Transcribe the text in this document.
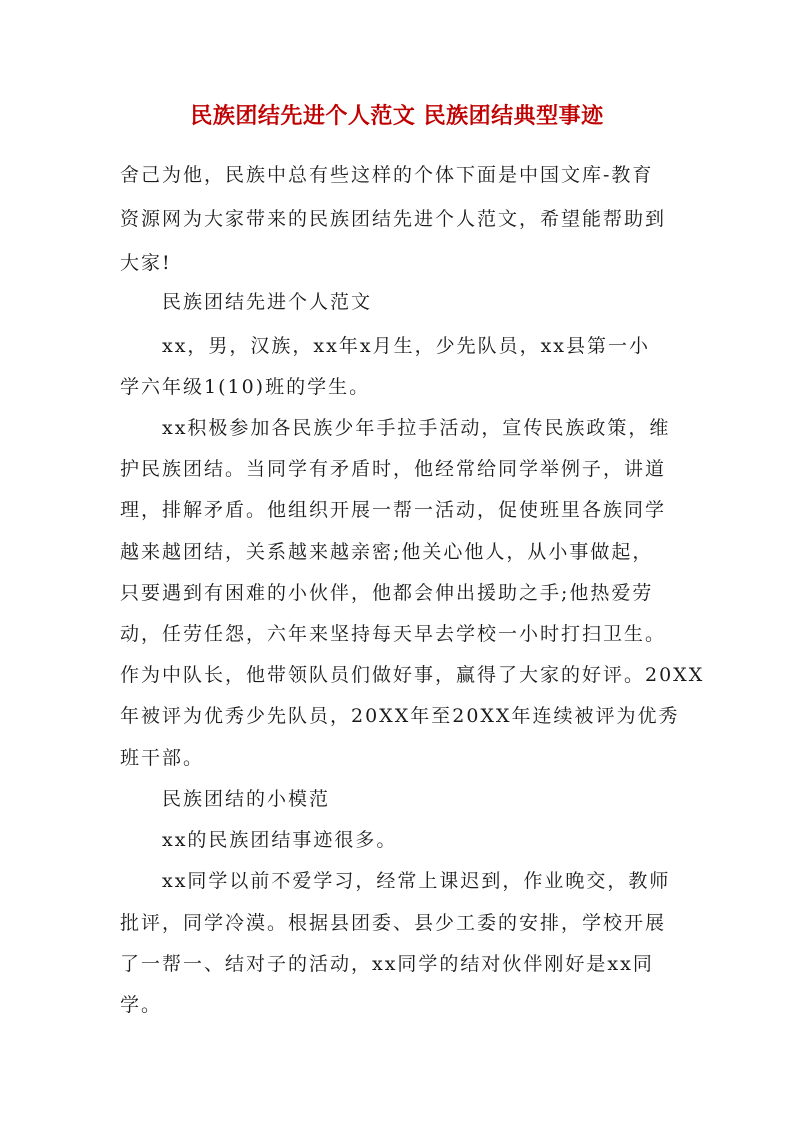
民族团结先进个人范文 民族团结典型事迹
舍己为他，民族中总有些这样的个体下面是中国文库-教育
资源网为大家带来的民族团结先进个人范文，希望能帮助到
大家!
民族团结先进个人范文
xx，男，汉族，xx年x月生，少先队员，xx县第一小
学六年级1(10)班的学生。
xx积极参加各民族少年手拉手活动，宣传民族政策，维
护民族团结。当同学有矛盾时，他经常给同学举例子，讲道
理，排解矛盾。他组织开展一帮一活动，促使班里各族同学
越来越团结，关系越来越亲密;他关心他人，从小事做起，
只要遇到有困难的小伙伴，他都会伸出援助之手;他热爱劳
动，任劳任怨，六年来坚持每天早去学校一小时打扫卫生。
作为中队长，他带领队员们做好事，赢得了大家的好评。20XX
年被评为优秀少先队员，20XX年至20XX年连续被评为优秀
班干部。
民族团结的小模范
xx的民族团结事迹很多。
xx同学以前不爱学习，经常上课迟到，作业晚交，教师
批评，同学冷漠。根据县团委、县少工委的安排，学校开展
了一帮一、结对子的活动，xx同学的结对伙伴刚好是xx同
学。
